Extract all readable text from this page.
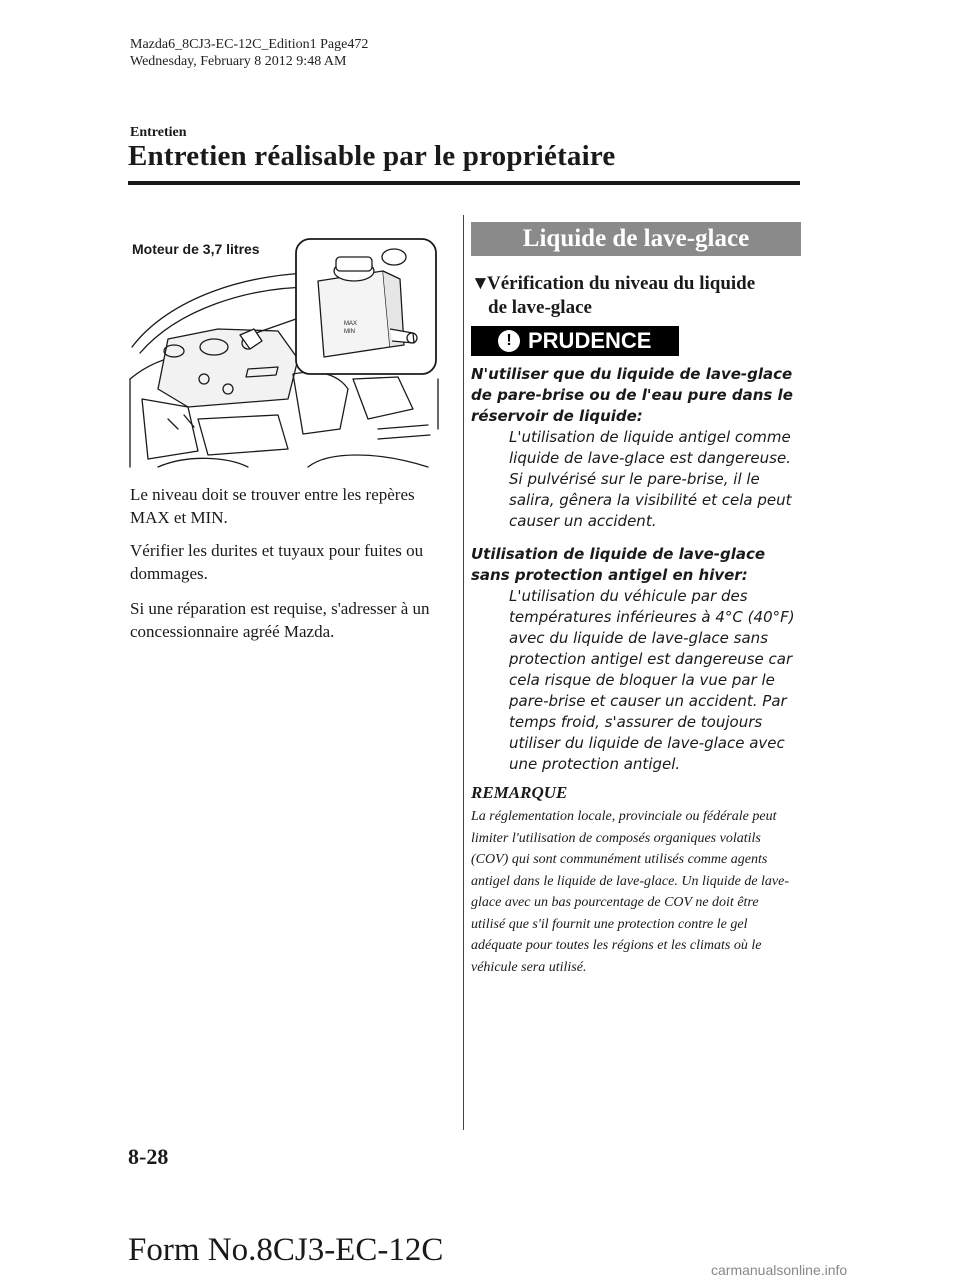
Mazda6_8CJ3-EC-12C_Edition1 Page472
Wednesday, February 8 2012 9:48 AM
Entretien
Entretien réalisable par le propriétaire
MAX
MIN
Moteur de 3,7 litres
Le niveau doit se trouver entre les repères MAX et MIN.
Vérifier les durites et tuyaux pour fuites ou dommages.
Si une réparation est requise, s'adresser à un concessionnaire agréé Mazda.
Liquide de lave-glace
▼Vérification du niveau du liquide
de lave-glace
! PRUDENCE
N'utiliser que du liquide de lave-glace de pare-brise ou de l'eau pure dans le réservoir de liquide:
L'utilisation de liquide antigel comme liquide de lave-glace est dangereuse. Si pulvérisé sur le pare-brise, il le salira, gênera la visibilité et cela peut causer un accident.
Utilisation de liquide de lave-glace sans protection antigel en hiver:
L'utilisation du véhicule par des températures inférieures à 4°C (40°F) avec du liquide de lave-glace sans protection antigel est dangereuse car cela risque de bloquer la vue par le pare-brise et causer un accident. Par temps froid, s'assurer de toujours utiliser du liquide de lave-glace avec une protection antigel.
REMARQUE
La réglementation locale, provinciale ou fédérale peut limiter l'utilisation de composés organiques volatils (COV) qui sont communément utilisés comme agents antigel dans le liquide de lave-glace. Un liquide de lave-glace avec un bas pourcentage de COV ne doit être utilisé que s'il fournit une protection contre le gel adéquate pour toutes les régions et les climats où le véhicule sera utilisé.
8-28
Form No.8CJ3-EC-12C
carmanualsonline.info
